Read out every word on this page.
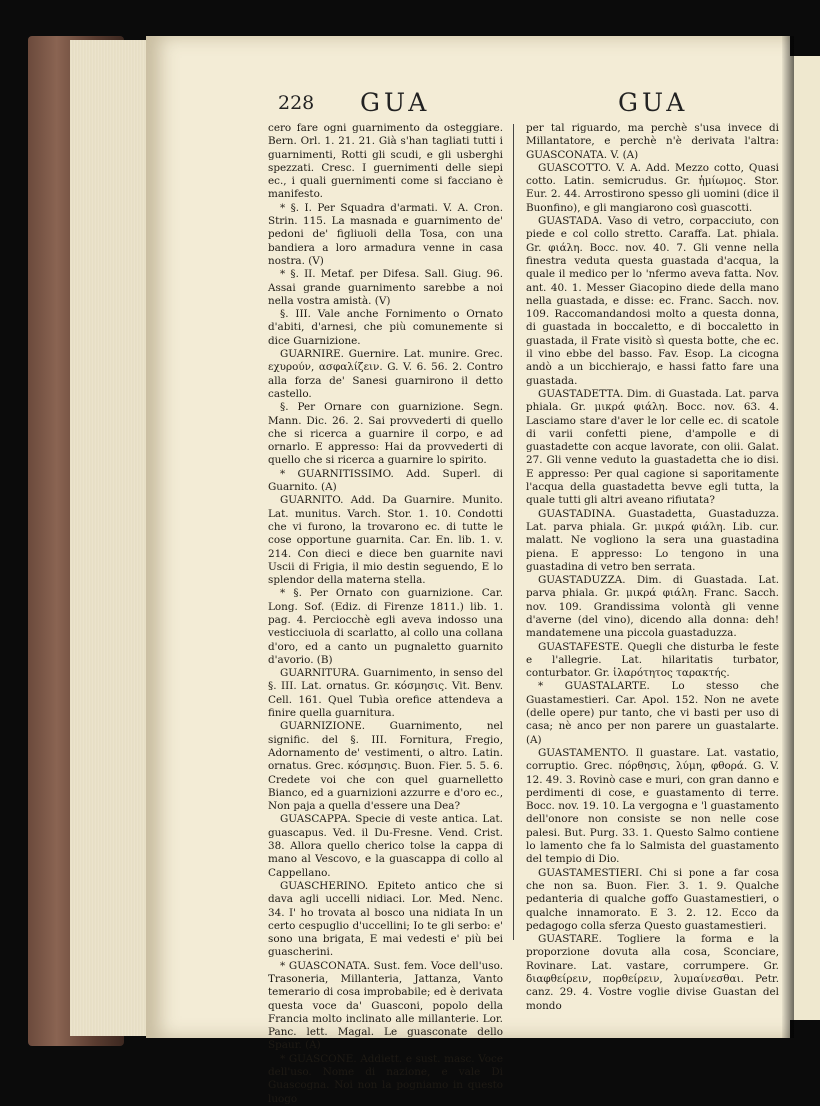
228 GUA	GUA

cero fare ogni guarnimento da osteggiare. Bern. Orl. 1. 21. 21. Già s'han tagliati tutti i guarnimenti, Rotti gli scudi, e gli usberghi spezzati. Cresc. I guernimenti delle siepi ec., i quali guernimenti come si facciano è manifesto.

* §. I. Per Squadra d'armati. V. A. Cron. Strin. 115. La masnada e guarnimento de' pedoni de' figliuoli della Tosa, con una bandiera a loro armadura venne in casa nostra. (V)

* §. II. Metaf. per Difesa. Sall. Giug. 96. Assai grande guarnimento sarebbe a noi nella vostra amistà. (V)

§. III. Vale anche Fornimento o Ornato d'abiti, d'arnesi, che più comunemente si dice Guarnizione.

GUARNIRE. Guernire. Lat. munire. Grec. εχυρούν, ασφαλίζειν. G. V. 6. 56. 2. Contro alla forza de' Sanesi guarnirono il detto castello.

§. Per Ornare con guarnizione. Segn. Mann. Dic. 26. 2. Sai provvederti di quello che si ricerca a guarnire il corpo, e ad ornarlo. E appresso: Hai da provvederti di quello che si ricerca a guarnire lo spirito.

* GUARNITISSIMO. Add. Superl. di Guarnito. (A)

GUARNITO. Add. Da Guarnire. Munito. Lat. munitus. Varch. Stor. 1. 10. Condotti che vi furono, la trovarono ec. di tutte le cose opportune guarnita. Car. En. lib. 1. v. 214. Con dieci e diece ben guarnite navi Uscii di Frigia, il mio destin seguendo, E lo splendor della materna stella.

* §. Per Ornato con guarnizione. Car. Long. Sof. (Ediz. di Firenze 1811.) lib. 1. pag. 4. Perciocchè egli aveva indosso una vesticciuola di scarlatto, al collo una collana d'oro, ed a canto un pugnaletto guarnito d'avorio. (B)

GUARNITURA. Guarnimento, in senso del §. III. Lat. ornatus. Gr. κόσμησις. Vit. Benv. Cell. 161. Quel Tubìa orefice attendeva a finire quella guarnitura.

GUARNIZIONE. Guarnimento, nel signific. del §. III. Fornitura, Fregio, Adornamento de' vestimenti, o altro. Latin. ornatus. Grec. κόσμησις. Buon. Fier. 5. 5. 6. Credete voi che con quel guarnelletto Bianco, ed a guarnizioni azzurre e d'oro ec., Non paja a quella d'essere una Dea?

GUASCAPPA. Specie di veste antica. Lat. guascapus. Ved. il Du-Fresne. Vend. Crist. 38. Allora quello cherico tolse la cappa di mano al Vescovo, e la guascappa di collo al Cappellano.

GUASCHERINO. Epiteto antico che si dava agli uccelli nidiaci. Lor. Med. Nenc. 34. I' ho trovata al bosco una nidiata In un certo cespuglio d'uccellini; Io te gli serbo: e' sono una brigata, E mai vedesti e' più bei guascherini.

* GUASCONATA. Sust. fem. Voce dell'uso. Trasoneria, Millanteria, Jattanza, Vanto temerario di cosa improbabile; ed è derivata questa voce da' Guasconi, popolo della Francia molto inclinato alle millanterie. Lor. Panc. lett. Magal. Le guasconate dello Spaur. (A)

* GUASCONE. Addiett. e sust. masc. Voce dell'uso. Nome di nazione, e vale Di Guascogna. Noi non la pogniamo in questo luogo

per tal riguardo, ma perchè s'usa invece di Millantatore, e perchè n'è derivata l'altra: GUASCONATA. V. (A)

GUASCOTTO. V. A. Add. Mezzo cotto, Quasi cotto. Latin. semicrudus. Gr. ἡμίωμος. Stor. Eur. 2. 44. Arrostirono spesso gli uomini (dice il Buonfino), e gli mangiarono così guascotti.

GUASTADA. Vaso di vetro, corpacciuto, con piede e col collo stretto. Caraffa. Lat. phiala. Gr. φιάλη. Bocc. nov. 40. 7. Gli venne nella finestra veduta questa guastada d'acqua, la quale il medico per lo 'nfermo aveva fatta. Nov. ant. 40. 1. Messer Giacopino diede della mano nella guastada, e disse: ec. Franc. Sacch. nov. 109. Raccomandandosi molto a questa donna, di guastada in boccaletto, e di boccaletto in guastada, il Frate visitò sì questa botte, che ec. il vino ebbe del basso. Fav. Esop. La cicogna andò a un bicchierajo, e hassi fatto fare una guastada.

GUASTADETTA. Dim. di Guastada. Lat. parva phiala. Gr. μικρά φιάλη. Bocc. nov. 63. 4. Lasciamo stare d'aver le lor celle ec. di scatole di varii confetti piene, d'ampolle e di guastadette con acque lavorate, con olii. Galat. 27. Gli venne veduto la guastadetta che io disi. E appresso: Per qual cagione si saporitamente l'acqua della guastadetta bevve egli tutta, la quale tutti gli altri aveano rifiutata?

GUASTADINA. Guastadetta, Guastaduzza. Lat. parva phiala. Gr. μικρά φιάλη. Lib. cur. malatt. Ne vogliono la sera una guastadina piena. E appresso: Lo tengono in una guastadina di vetro ben serrata.

GUASTADUZZA. Dim. di Guastada. Lat. parva phiala. Gr. μικρά φιάλη. Franc. Sacch. nov. 109. Grandissima volontà gli venne d'averne (del vino), dicendo alla donna: deh! mandatemene una piccola guastaduzza.

GUASTAFESTE. Quegli che disturba le feste e l'allegrie. Lat. hilaritatis turbator, conturbator. Gr. ἱλαρότητος ταρακτής.

* GUASTALARTE. Lo stesso che Guastamestieri. Car. Apol. 152. Non ne avete (delle opere) pur tanto, che vi basti per uso di casa; nè anco per non parere un guastalarte. (A)

GUASTAMENTO. Il guastare. Lat. vastatio, corruptio. Grec. πόρθησις, λύμη, φθορά. G. V. 12. 49. 3. Rovinò case e muri, con gran danno e perdimenti di cose, e guastamento di terre. Bocc. nov. 19. 10. La vergogna e 'l guastamento dell'onore non consiste se non nelle cose palesi. But. Purg. 33. 1. Questo Salmo contiene lo lamento che fa lo Salmista del guastamento del tempio di Dio.

GUASTAMESTIERI. Chi si pone a far cosa che non sa. Buon. Fier. 3. 1. 9. Qualche pedanteria di qualche goffo Guastamestieri, o qualche innamorato. E 3. 2. 12. Ecco da pedagogo colla sferza Questo guastamestieri.

GUASTARE. Togliere la forma e la proporzione dovuta alla cosa, Sconciare, Rovinare. Lat. vastare, corrumpere. Gr. διαφθείρειν, πορθείρειν, λυμαίνεσθαι. Petr. canz. 29. 4. Vostre voglie divise Guastan del mondo
